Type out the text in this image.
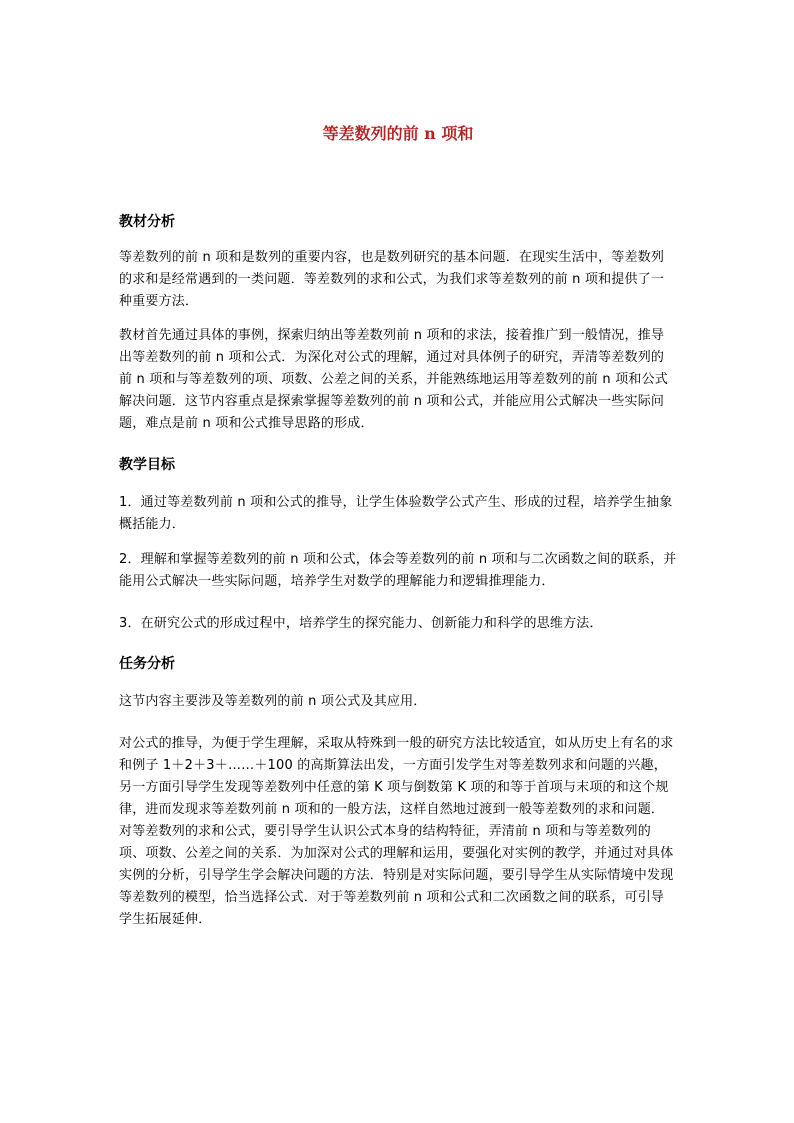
等差数列的前 n 项和
教材分析
等差数列的前 n 项和是数列的重要内容，也是数列研究的基本问题．在现实生活中，等差数列的求和是经常遇到的一类问题．等差数列的求和公式，为我们求等差数列的前 n 项和提供了一种重要方法．
教材首先通过具体的事例，探索归纳出等差数列前 n 项和的求法，接着推广到一般情况，推导出等差数列的前 n 项和公式．为深化对公式的理解，通过对具体例子的研究，弄清等差数列的前 n 项和与等差数列的项、项数、公差之间的关系，并能熟练地运用等差数列的前 n 项和公式解决问题．这节内容重点是探索掌握等差数列的前 n 项和公式，并能应用公式解决一些实际问题，难点是前 n 项和公式推导思路的形成．
教学目标
1．通过等差数列前 n 项和公式的推导，让学生体验数学公式产生、形成的过程，培养学生抽象概括能力．
2．理解和掌握等差数列的前 n 项和公式，体会等差数列的前 n 项和与二次函数之间的联系，并能用公式解决一些实际问题，培养学生对数学的理解能力和逻辑推理能力．
3．在研究公式的形成过程中，培养学生的探究能力、创新能力和科学的思维方法．
任务分析
这节内容主要涉及等差数列的前 n 项公式及其应用．
对公式的推导，为便于学生理解，采取从特殊到一般的研究方法比较适宜，如从历史上有名的求和例子 1＋2＋3＋……＋100 的高斯算法出发，一方面引发学生对等差数列求和问题的兴趣，另一方面引导学生发现等差数列中任意的第 K 项与倒数第 K 项的和等于首项与末项的和这个规律，进而发现求等差数列前 n 项和的一般方法，这样自然地过渡到一般等差数列的求和问题．对等差数列的求和公式，要引导学生认识公式本身的结构特征，弄清前 n 项和与等差数列的项、项数、公差之间的关系．为加深对公式的理解和运用，要强化对实例的教学，并通过对具体实例的分析，引导学生学会解决问题的方法．特别是对实际问题，要引导学生从实际情境中发现等差数列的模型，恰当选择公式．对于等差数列前 n 项和公式和二次函数之间的联系，可引导学生拓展延伸．
